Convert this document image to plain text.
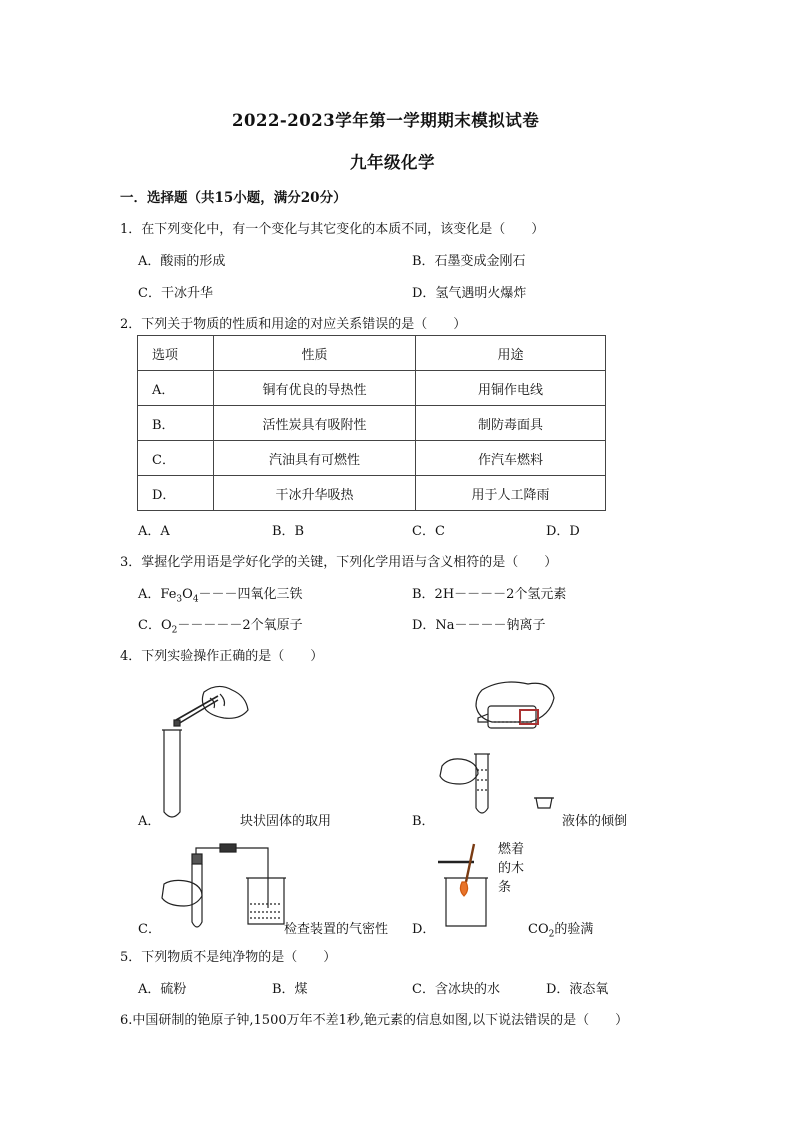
2022-2023学年第一学期期末模拟试卷
九年级化学
一．选择题（共15小题，满分20分）
1．在下列变化中，有一个变化与其它变化的本质不同，该变化是（　　）
A．酸雨的形成	B．石墨变成金刚石
C．干冰升华	D．氢气遇明火爆炸
2．下列关于物质的性质和用途的对应关系错误的是（　　）
选项	性质	用途
A．	铜有优良的导热性	用铜作电线
B．	活性炭具有吸附性	制防毒面具
C．	汽油具有可燃性	作汽车燃料
D．	干冰升华吸热	用于人工降雨
A．A	B．B	C．C	D．D
3．掌握化学用语是学好化学的关键，下列化学用语与含义相符的是（　　）
A．$Fe_3O_4---$四氧化三铁	B．2H－－－－2个氢元素
C．$O_2-----2$个氧原子	D．Na－－－－钠离子
4．下列实验操作正确的是（　　）
A．	块状固体的取用	B．	液体的倾倒
C．	检查装置的气密性
燃着
的木
条
D．	$CO_2$的验满
5．下列物质不是纯净物的是（　　）
A．硫粉	B．煤	C．含冰块的水	D．液态氧
6.中国研制的铯原子钟,1500万年不差1秒,铯元素的信息如图,以下说法错误的是（　　）
